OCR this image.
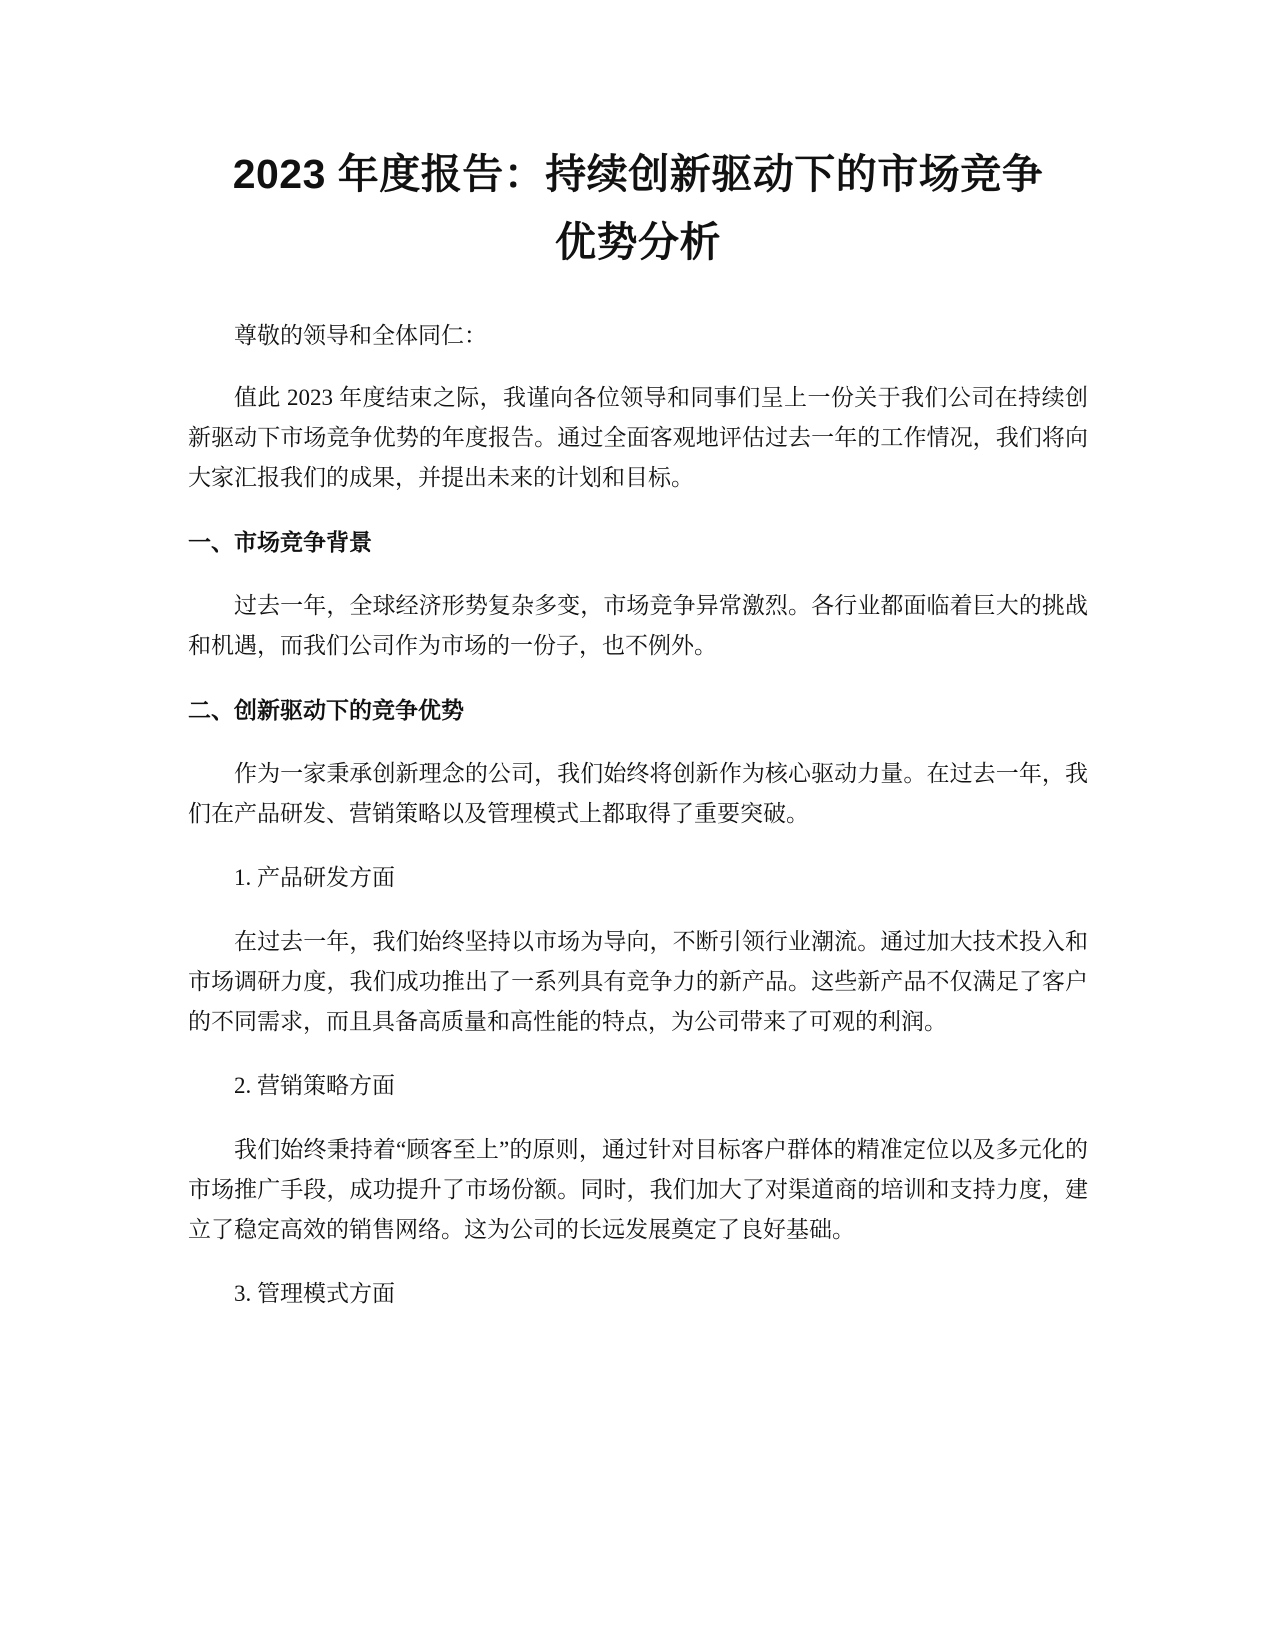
2023 年度报告：持续创新驱动下的市场竞争
优势分析

尊敬的领导和全体同仁：

值此 2023 年度结束之际，我谨向各位领导和同事们呈上一份关于我们公司在持续创新驱动下市场竞争优势的年度报告。通过全面客观地评估过去一年的工作情况，我们将向大家汇报我们的成果，并提出未来的计划和目标。

一、市场竞争背景

过去一年，全球经济形势复杂多变，市场竞争异常激烈。各行业都面临着巨大的挑战和机遇，而我们公司作为市场的一份子，也不例外。

二、创新驱动下的竞争优势

作为一家秉承创新理念的公司，我们始终将创新作为核心驱动力量。在过去一年，我们在产品研发、营销策略以及管理模式上都取得了重要突破。

1. 产品研发方面

在过去一年，我们始终坚持以市场为导向，不断引领行业潮流。通过加大技术投入和市场调研力度，我们成功推出了一系列具有竞争力的新产品。这些新产品不仅满足了客户的不同需求，而且具备高质量和高性能的特点，为公司带来了可观的利润。

2. 营销策略方面

我们始终秉持着“顾客至上”的原则，通过针对目标客户群体的精准定位以及多元化的市场推广手段，成功提升了市场份额。同时，我们加大了对渠道商的培训和支持力度，建立了稳定高效的销售网络。这为公司的长远发展奠定了良好基础。

3. 管理模式方面
